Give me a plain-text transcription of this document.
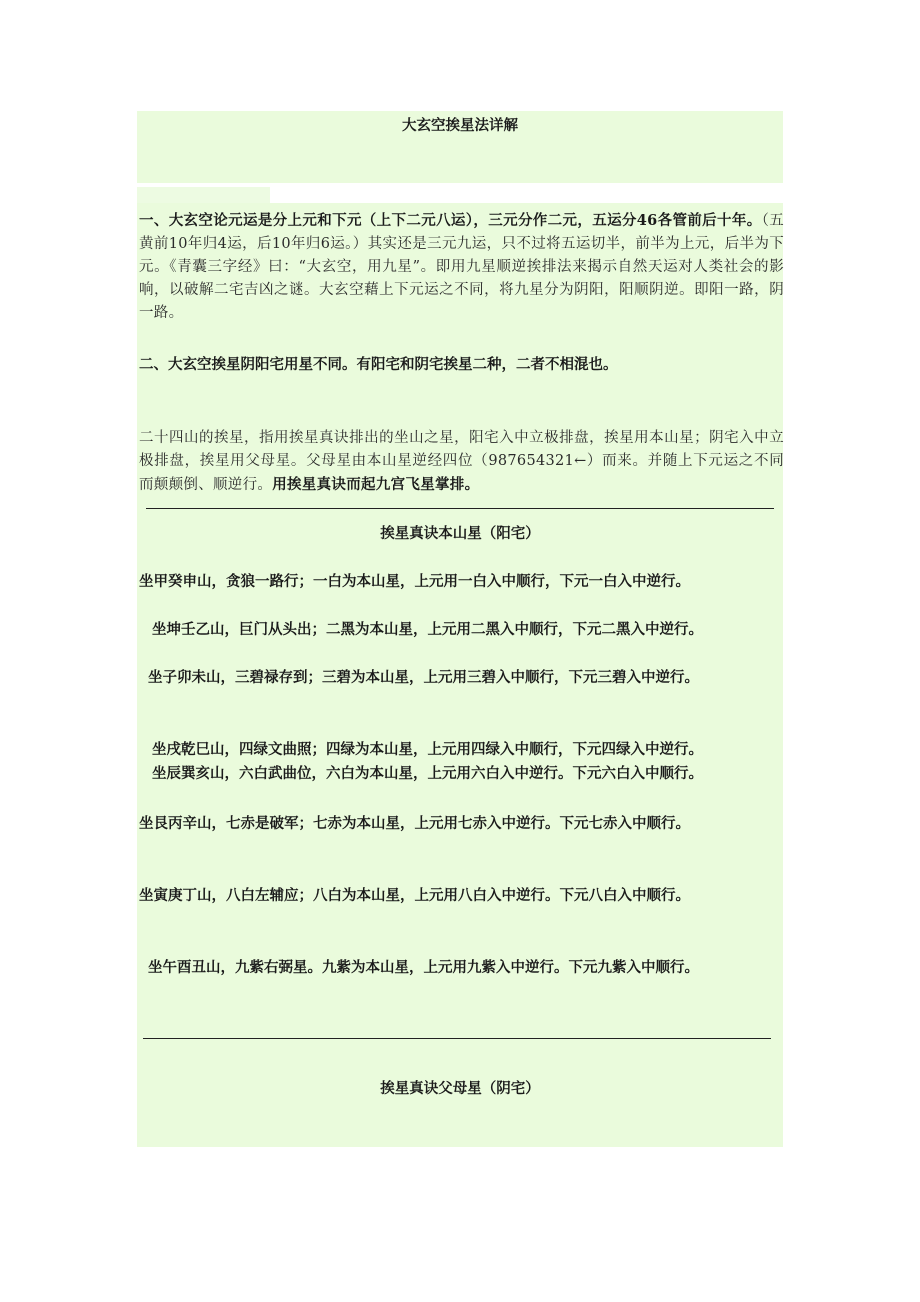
大玄空挨星法详解

一、大玄空论元运是分上元和下元（上下二元八运），三元分作二元，五运分46各管前后十年。（五黄前10年归4运，后10年归6运。）其实还是三元九运，只不过将五运切半，前半为上元，后半为下元。《青囊三字经》曰：“大玄空，用九星”。即用九星顺逆挨排法来揭示自然天运对人类社会的影响，以破解二宅吉凶之谜。大玄空藉上下元运之不同，将九星分为阴阳，阳顺阴逆。即阳一路，阴一路。

二、大玄空挨星阴阳宅用星不同。有阳宅和阴宅挨星二种，二者不相混也。

二十四山的挨星，指用挨星真诀排出的坐山之星，阳宅入中立极排盘，挨星用本山星；阴宅入中立极排盘，挨星用父母星。父母星由本山星逆经四位（987654321←）而来。并随上下元运之不同而颠颠倒、顺逆行。用挨星真诀而起九宫飞星掌排。

挨星真诀本山星（阳宅）

坐甲癸申山，贪狼一路行；一白为本山星，上元用一白入中顺行，下元一白入中逆行。

坐坤壬乙山，巨门从头出；二黑为本山星，上元用二黑入中顺行，下元二黑入中逆行。

坐子卯未山，三碧禄存到；三碧为本山星，上元用三碧入中顺行，下元三碧入中逆行。

坐戌乾巳山，四绿文曲照；四绿为本山星，上元用四绿入中顺行，下元四绿入中逆行。

坐辰巽亥山，六白武曲位，六白为本山星，上元用六白入中逆行。下元六白入中顺行。

坐艮丙辛山，七赤是破军；七赤为本山星，上元用七赤入中逆行。下元七赤入中顺行。

坐寅庚丁山，八白左辅应；八白为本山星，上元用八白入中逆行。下元八白入中顺行。

坐午酉丑山，九紫右弼星。九紫为本山星，上元用九紫入中逆行。下元九紫入中顺行。

挨星真诀父母星（阴宅）
